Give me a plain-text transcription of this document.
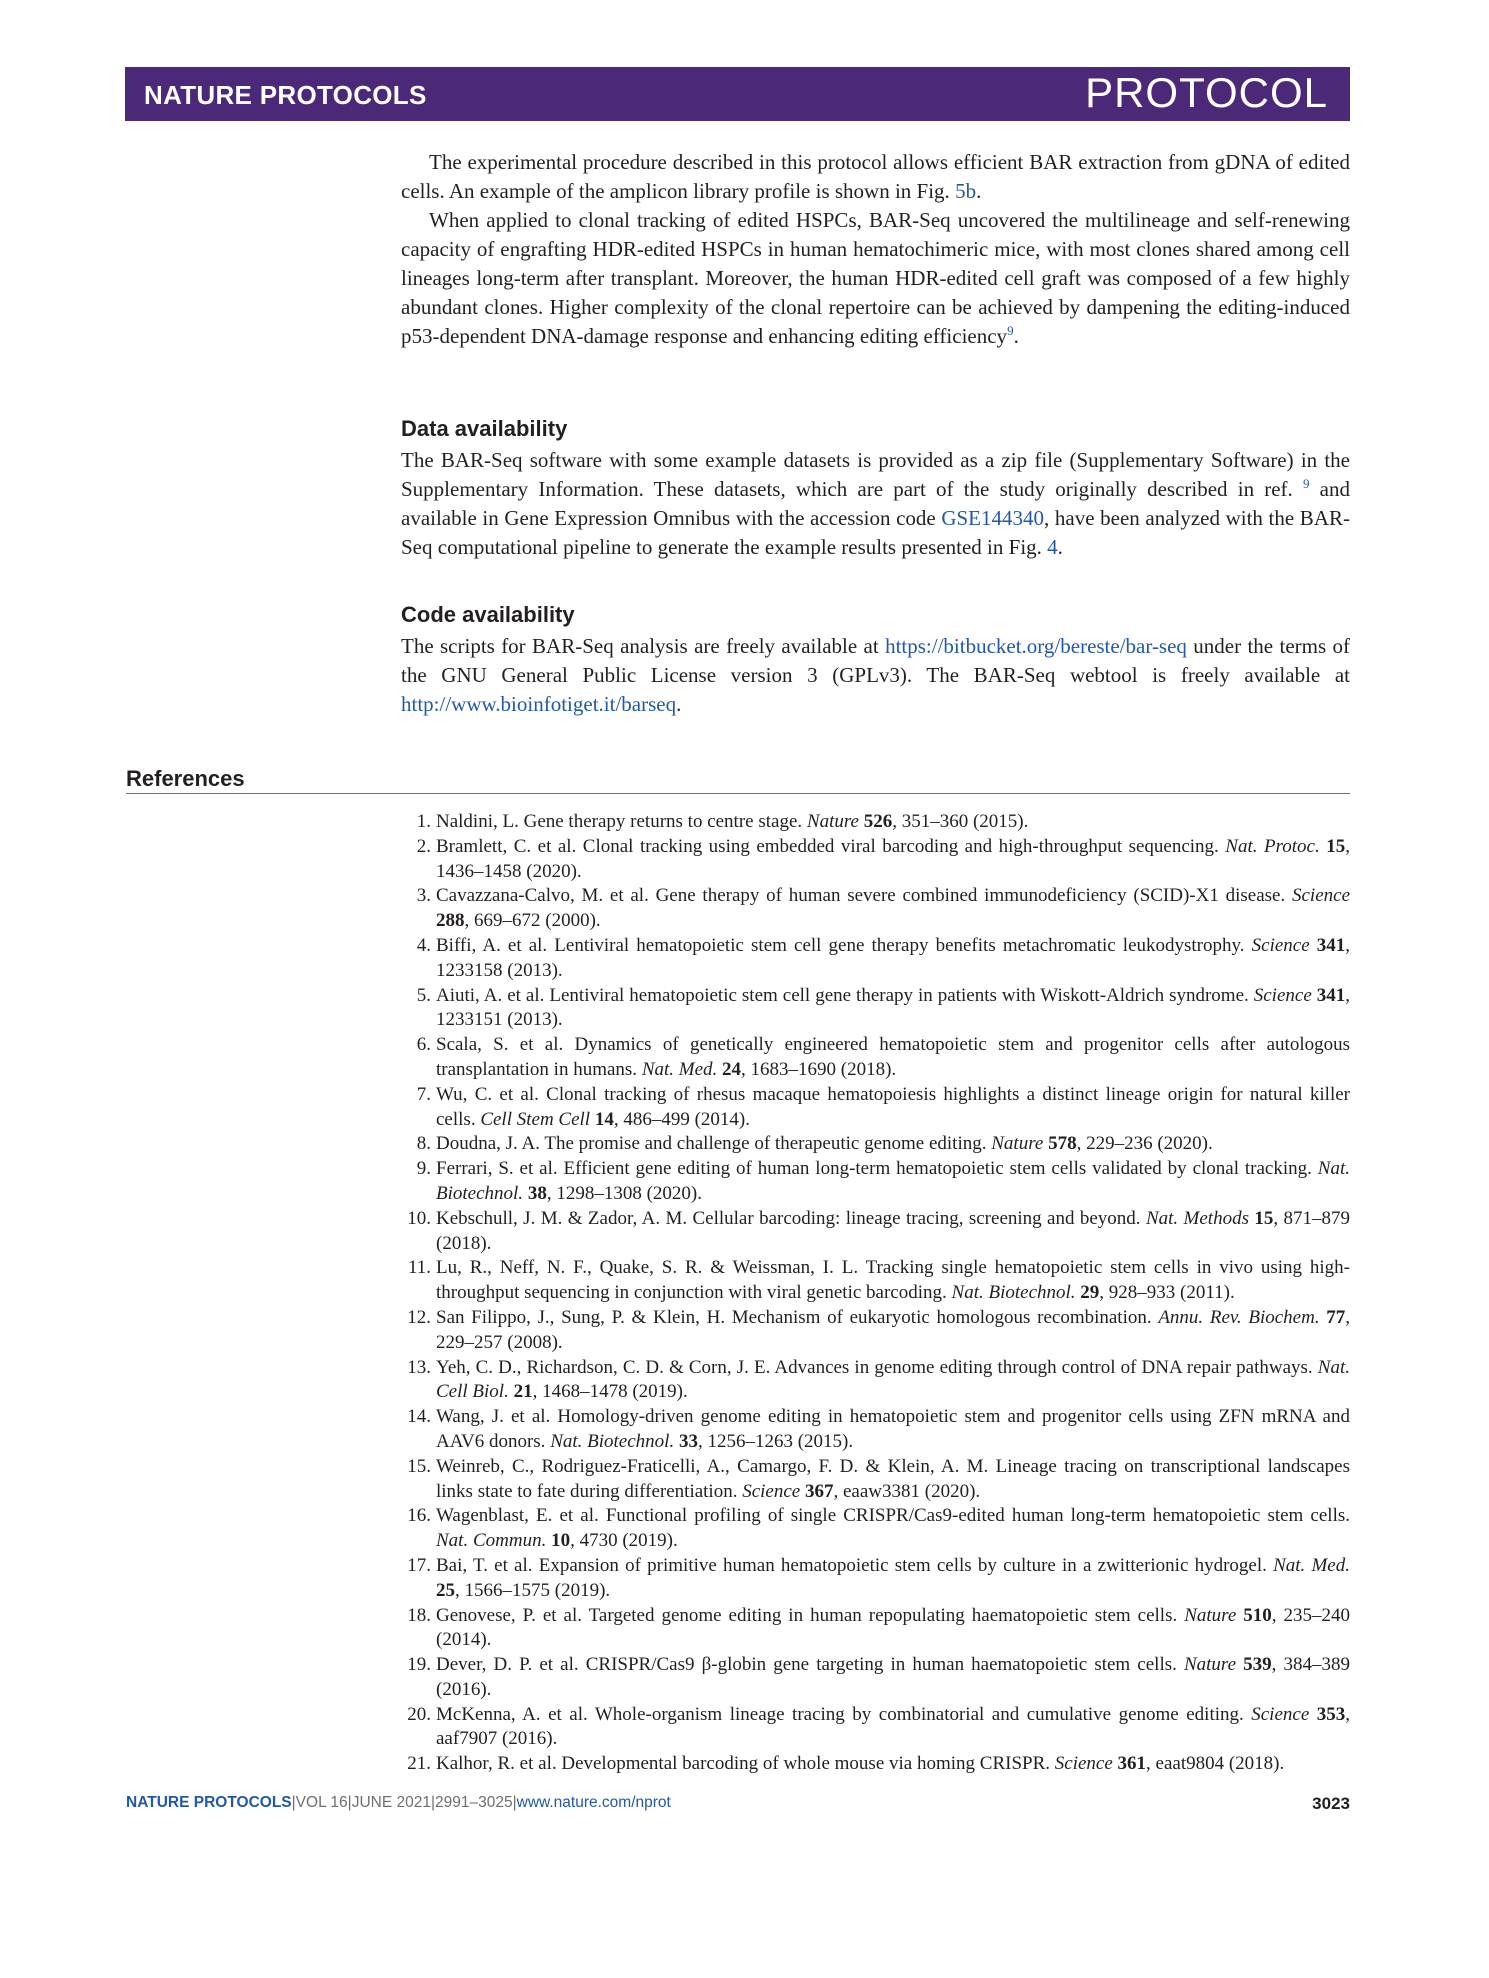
NATURE PROTOCOLS	PROTOCOL

The experimental procedure described in this protocol allows efficient BAR extraction from gDNA of edited cells. An example of the amplicon library profile is shown in Fig. 5b.

When applied to clonal tracking of edited HSPCs, BAR-Seq uncovered the multilineage and self-renewing capacity of engrafting HDR-edited HSPCs in human hematochimeric mice, with most clones shared among cell lineages long-term after transplant. Moreover, the human HDR-edited cell graft was composed of a few highly abundant clones. Higher complexity of the clonal repertoire can be achieved by dampening the editing-induced p53-dependent DNA-damage response and enhancing editing efficiency$^9$.

Data availability

The BAR-Seq software with some example datasets is provided as a zip file (Supplementary Software) in the Supplementary Information. These datasets, which are part of the study originally described in ref. $^9$ and available in Gene Expression Omnibus with the accession code GSE144340, have been analyzed with the BAR-Seq computational pipeline to generate the example results presented in Fig. 4.

Code availability

The scripts for BAR-Seq analysis are freely available at https://bitbucket.org/bereste/bar-seq under the terms of the GNU General Public License version 3 (GPLv3). The BAR-Seq webtool is freely available at http://www.bioinfotiget.it/barseq.

References
1. Naldini, L. Gene therapy returns to centre stage. Nature 526, 351–360 (2015).
2. Bramlett, C. et al. Clonal tracking using embedded viral barcoding and high-throughput sequencing. Nat. Protoc. 15, 1436–1458 (2020).
3. Cavazzana-Calvo, M. et al. Gene therapy of human severe combined immunodeficiency (SCID)-X1 disease. Science 288, 669–672 (2000).
4. Biffi, A. et al. Lentiviral hematopoietic stem cell gene therapy benefits metachromatic leukodystrophy. Science 341, 1233158 (2013).
5. Aiuti, A. et al. Lentiviral hematopoietic stem cell gene therapy in patients with Wiskott-Aldrich syndrome. Science 341, 1233151 (2013).
6. Scala, S. et al. Dynamics of genetically engineered hematopoietic stem and progenitor cells after autologous transplantation in humans. Nat. Med. 24, 1683–1690 (2018).
7. Wu, C. et al. Clonal tracking of rhesus macaque hematopoiesis highlights a distinct lineage origin for natural killer cells. Cell Stem Cell 14, 486–499 (2014).
8. Doudna, J. A. The promise and challenge of therapeutic genome editing. Nature 578, 229–236 (2020).
9. Ferrari, S. et al. Efficient gene editing of human long-term hematopoietic stem cells validated by clonal tracking. Nat. Biotechnol. 38, 1298–1308 (2020).
10. Kebschull, J. M. & Zador, A. M. Cellular barcoding: lineage tracing, screening and beyond. Nat. Methods 15, 871–879 (2018).
11. Lu, R., Neff, N. F., Quake, S. R. & Weissman, I. L. Tracking single hematopoietic stem cells in vivo using high-throughput sequencing in conjunction with viral genetic barcoding. Nat. Biotechnol. 29, 928–933 (2011).
12. San Filippo, J., Sung, P. & Klein, H. Mechanism of eukaryotic homologous recombination. Annu. Rev. Biochem. 77, 229–257 (2008).
13. Yeh, C. D., Richardson, C. D. & Corn, J. E. Advances in genome editing through control of DNA repair pathways. Nat. Cell Biol. 21, 1468–1478 (2019).
14. Wang, J. et al. Homology-driven genome editing in hematopoietic stem and progenitor cells using ZFN mRNA and AAV6 donors. Nat. Biotechnol. 33, 1256–1263 (2015).
15. Weinreb, C., Rodriguez-Fraticelli, A., Camargo, F. D. & Klein, A. M. Lineage tracing on transcriptional landscapes links state to fate during differentiation. Science 367, eaaw3381 (2020).
16. Wagenblast, E. et al. Functional profiling of single CRISPR/Cas9-edited human long-term hematopoietic stem cells. Nat. Commun. 10, 4730 (2019).
17. Bai, T. et al. Expansion of primitive human hematopoietic stem cells by culture in a zwitterionic hydrogel. Nat. Med. 25, 1566–1575 (2019).
18. Genovese, P. et al. Targeted genome editing in human repopulating haematopoietic stem cells. Nature 510, 235–240 (2014).
19. Dever, D. P. et al. CRISPR/Cas9 β-globin gene targeting in human haematopoietic stem cells. Nature 539, 384–389 (2016).
20. McKenna, A. et al. Whole-organism lineage tracing by combinatorial and cumulative genome editing. Science 353, aaf7907 (2016).
21. Kalhor, R. et al. Developmental barcoding of whole mouse via homing CRISPR. Science 361, eaat9804 (2018).
NATURE PROTOCOLS|VOL 16|JUNE 2021|2991–3025|www.nature.com/nprot	3023
